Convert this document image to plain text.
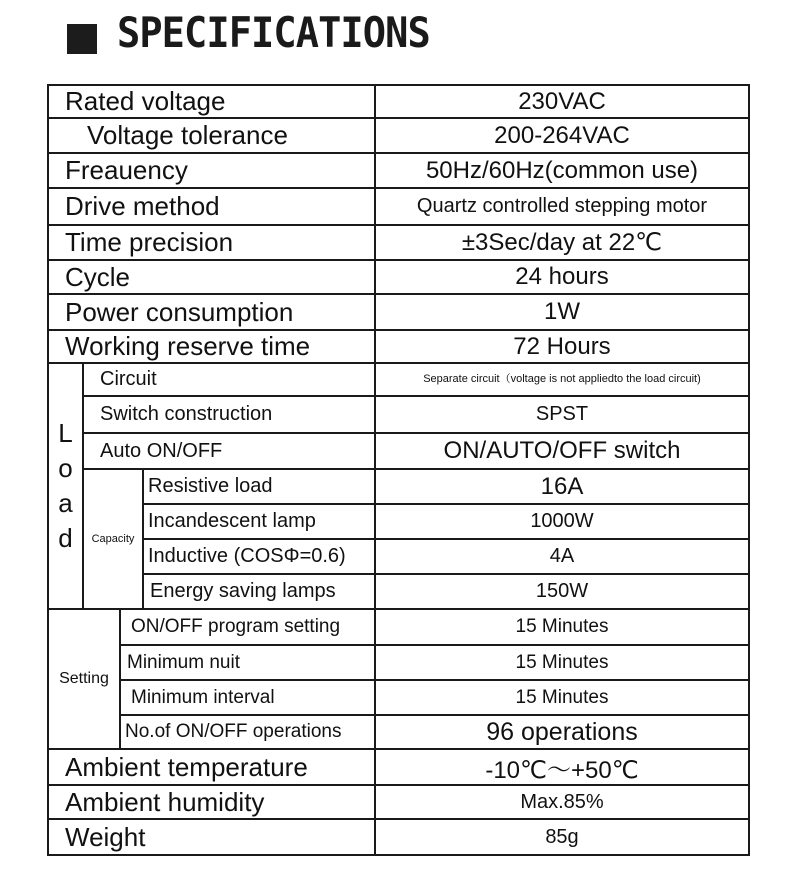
SPECIFICATIONS
Rated voltage	230VAC
Voltage tolerance	200-264VAC
Freauency	50Hz/60Hz(common use)
Drive method	Quartz controlled stepping motor
Time precision	±3Sec/day at 22℃
Cycle	24 hours
Power consumption	1W
Working reserve time	72 Hours
L
o
a
d
Circuit	Separate circuit（voltage is not appliedto the load circuit)
Switch construction	SPST
Auto ON/OFF	ON/AUTO/OFF switch
Capacity
Resistive load	16A
Incandescent lamp	1000W
Inductive (COSΦ=0.6)	4A
Energy saving lamps	150W
Setting
ON/OFF program setting	15 Minutes
Minimum nuit	15 Minutes
Minimum interval	15 Minutes
No.of ON/OFF operations	96 operations
Ambient temperature	-10℃～+50℃
Ambient humidity	Max.85%
Weight	85g
